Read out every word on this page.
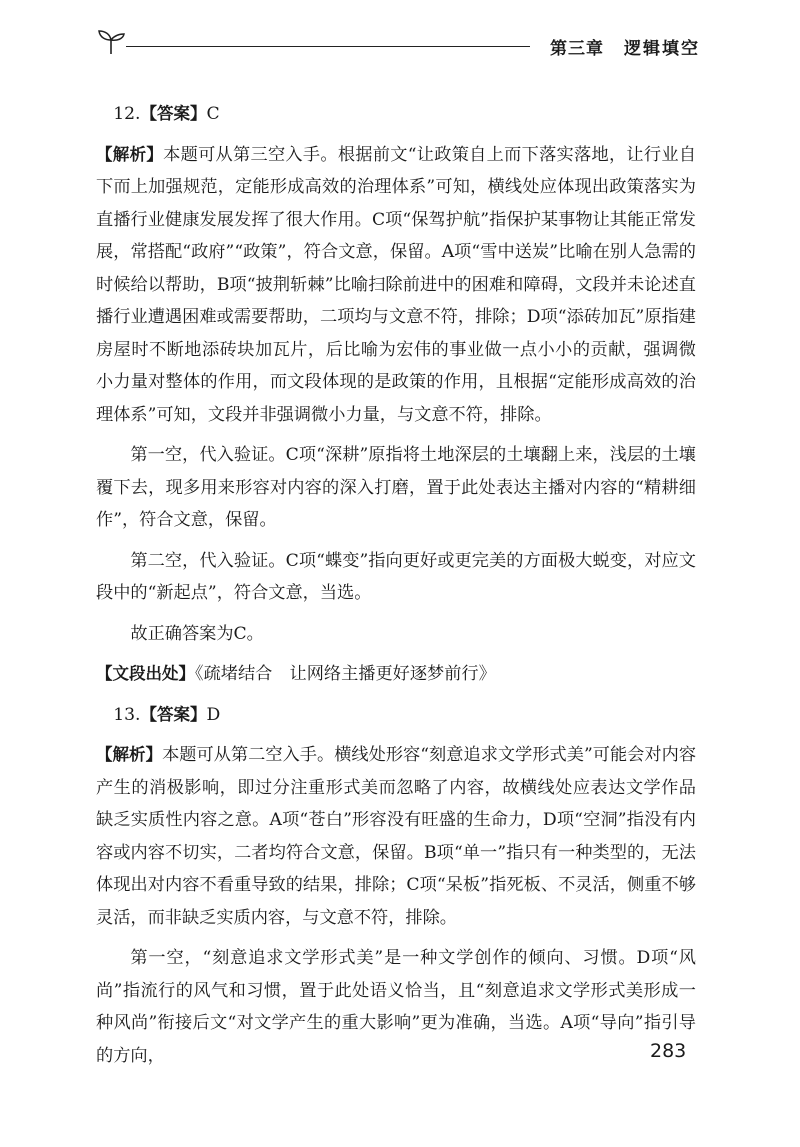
第三章 逻辑填空

12.【答案】C

【解析】本题可从第三空入手。根据前文“让政策自上而下落实落地，让行业自下而上加强规范，定能形成高效的治理体系”可知，横线处应体现出政策落实为直播行业健康发展发挥了很大作用。C项“保驾护航”指保护某事物让其能正常发展，常搭配“政府”“政策”，符合文意，保留。A项“雪中送炭”比喻在别人急需的时候给以帮助，B项“披荆斩棘”比喻扫除前进中的困难和障碍，文段并未论述直播行业遭遇困难或需要帮助，二项均与文意不符，排除；D项“添砖加瓦”原指建房屋时不断地添砖块加瓦片，后比喻为宏伟的事业做一点小小的贡献，强调微小力量对整体的作用，而文段体现的是政策的作用，且根据“定能形成高效的治理体系”可知，文段并非强调微小力量，与文意不符，排除。

第一空，代入验证。C项“深耕”原指将土地深层的土壤翻上来，浅层的土壤覆下去，现多用来形容对内容的深入打磨，置于此处表达主播对内容的“精耕细作”，符合文意，保留。

第二空，代入验证。C项“蝶变”指向更好或更完美的方面极大蜕变，对应文段中的“新起点”，符合文意，当选。

故正确答案为C。

【文段出处】《疏堵结合　让网络主播更好逐梦前行》

13.【答案】D

【解析】本题可从第二空入手。横线处形容“刻意追求文学形式美”可能会对内容产生的消极影响，即过分注重形式美而忽略了内容，故横线处应表达文学作品缺乏实质性内容之意。A项“苍白”形容没有旺盛的生命力，D项“空洞”指没有内容或内容不切实，二者均符合文意，保留。B项“单一”指只有一种类型的，无法体现出对内容不看重导致的结果，排除；C项“呆板”指死板、不灵活，侧重不够灵活，而非缺乏实质内容，与文意不符，排除。

第一空，“刻意追求文学形式美”是一种文学创作的倾向、习惯。D项“风尚”指流行的风气和习惯，置于此处语义恰当，且“刻意追求文学形式美形成一种风尚”衔接后文“对文学产生的重大影响”更为准确，当选。A项“导向”指引导的方向，	283
